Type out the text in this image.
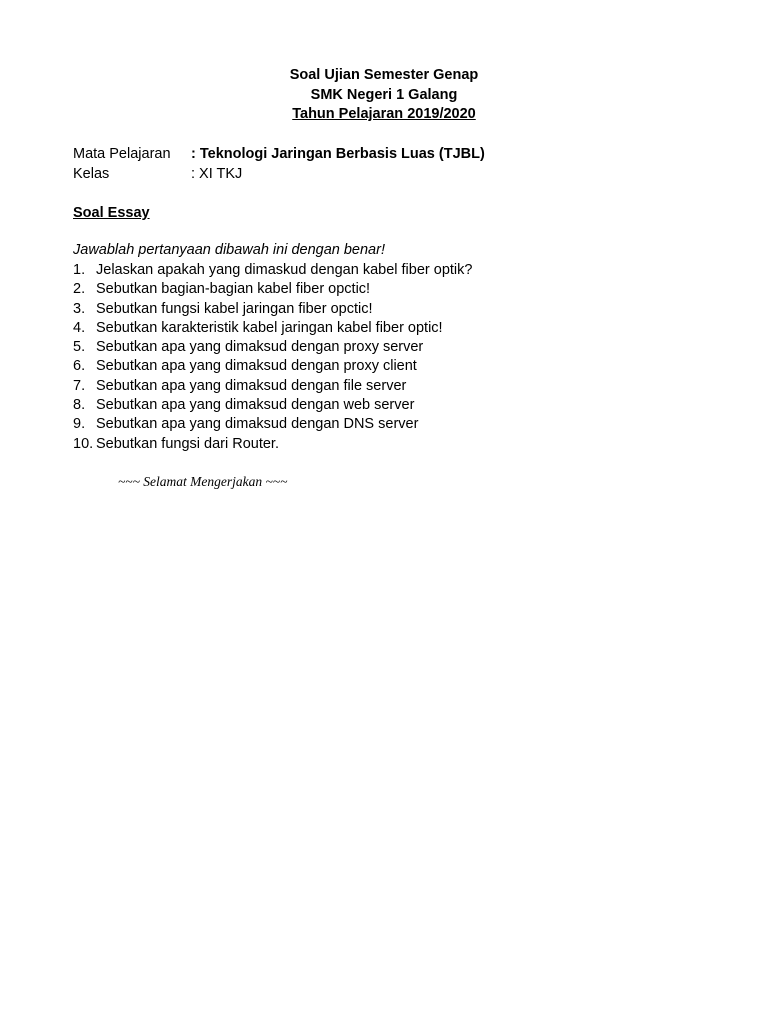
Soal Ujian Semester Genap
SMK Negeri 1 Galang
Tahun Pelajaran 2019/2020
Mata Pelajaran	: Teknologi Jaringan Berbasis Luas (TJBL)
Kelas	: XI TKJ
Soal Essay
Jawablah pertanyaan dibawah ini dengan benar!
1. Jelaskan apakah yang dimaskud dengan kabel fiber optik?
2. Sebutkan bagian-bagian kabel fiber opctic!
3. Sebutkan fungsi kabel jaringan fiber opctic!
4. Sebutkan karakteristik kabel jaringan kabel fiber optic!
5. Sebutkan apa yang dimaksud dengan proxy server
6. Sebutkan apa yang dimaksud dengan proxy client
7. Sebutkan apa yang dimaksud dengan file server
8. Sebutkan apa yang dimaksud dengan web server
9. Sebutkan apa yang dimaksud dengan DNS server
10. Sebutkan fungsi dari Router.
~~~ Selamat Mengerjakan ~~~
